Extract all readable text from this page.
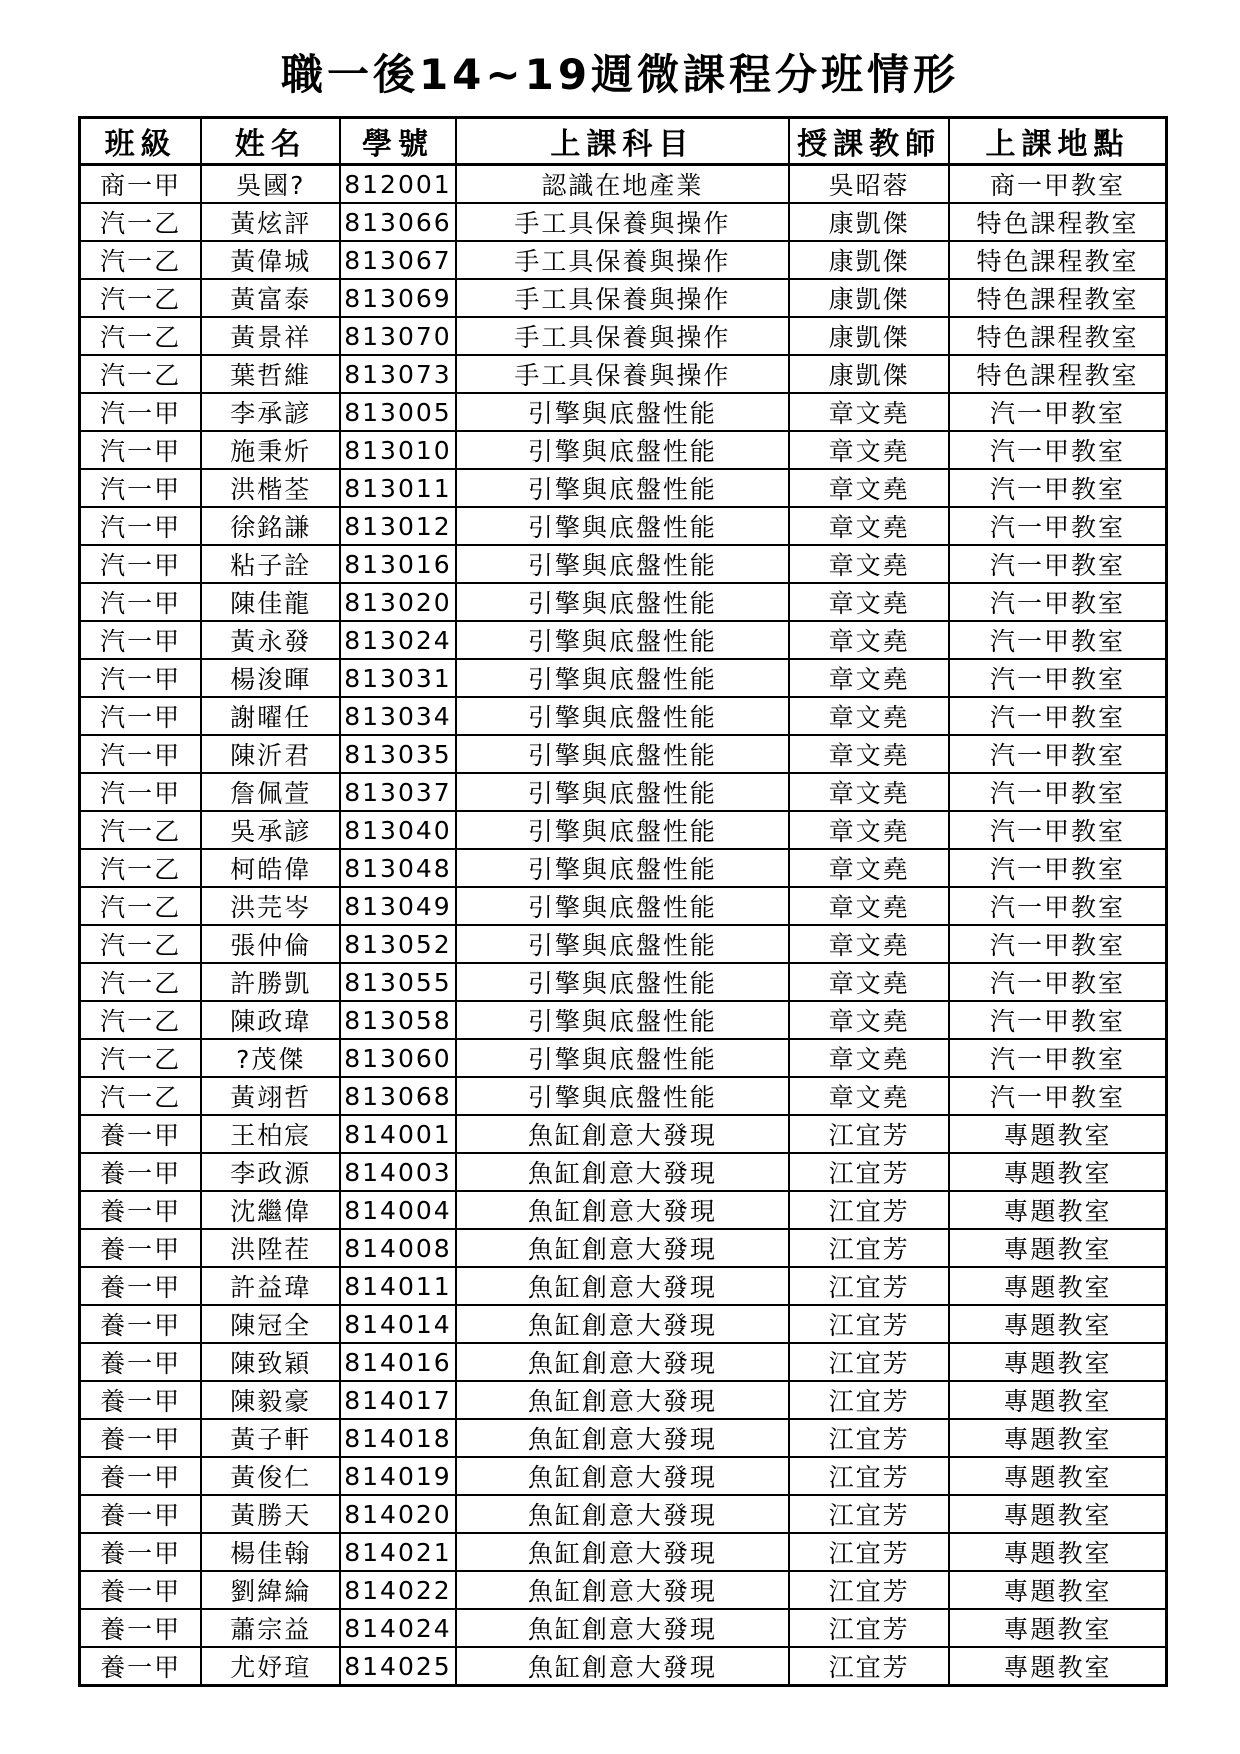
職一後14~19週微課程分班情形
班級	姓名	學號	上課科目	授課教師	上課地點
商一甲	吳國?	812001	認識在地產業	吳昭蓉	商一甲教室
汽一乙	黃炫評	813066	手工具保養與操作	康凱傑	特色課程教室
汽一乙	黃偉城	813067	手工具保養與操作	康凱傑	特色課程教室
汽一乙	黃富泰	813069	手工具保養與操作	康凱傑	特色課程教室
汽一乙	黃景祥	813070	手工具保養與操作	康凱傑	特色課程教室
汽一乙	葉哲維	813073	手工具保養與操作	康凱傑	特色課程教室
汽一甲	李承諺	813005	引擎與底盤性能	章文堯	汽一甲教室
汽一甲	施秉炘	813010	引擎與底盤性能	章文堯	汽一甲教室
汽一甲	洪楷荃	813011	引擎與底盤性能	章文堯	汽一甲教室
汽一甲	徐銘謙	813012	引擎與底盤性能	章文堯	汽一甲教室
汽一甲	粘子詮	813016	引擎與底盤性能	章文堯	汽一甲教室
汽一甲	陳佳龍	813020	引擎與底盤性能	章文堯	汽一甲教室
汽一甲	黃永發	813024	引擎與底盤性能	章文堯	汽一甲教室
汽一甲	楊浚暉	813031	引擎與底盤性能	章文堯	汽一甲教室
汽一甲	謝曜任	813034	引擎與底盤性能	章文堯	汽一甲教室
汽一甲	陳沂君	813035	引擎與底盤性能	章文堯	汽一甲教室
汽一甲	詹佩萱	813037	引擎與底盤性能	章文堯	汽一甲教室
汽一乙	吳承諺	813040	引擎與底盤性能	章文堯	汽一甲教室
汽一乙	柯皓偉	813048	引擎與底盤性能	章文堯	汽一甲教室
汽一乙	洪芫岑	813049	引擎與底盤性能	章文堯	汽一甲教室
汽一乙	張仲倫	813052	引擎與底盤性能	章文堯	汽一甲教室
汽一乙	許勝凱	813055	引擎與底盤性能	章文堯	汽一甲教室
汽一乙	陳政瑋	813058	引擎與底盤性能	章文堯	汽一甲教室
汽一乙	?茂傑	813060	引擎與底盤性能	章文堯	汽一甲教室
汽一乙	黃翊哲	813068	引擎與底盤性能	章文堯	汽一甲教室
養一甲	王柏宸	814001	魚缸創意大發現	江宜芳	專題教室
養一甲	李政源	814003	魚缸創意大發現	江宜芳	專題教室
養一甲	沈繼偉	814004	魚缸創意大發現	江宜芳	專題教室
養一甲	洪陞茬	814008	魚缸創意大發現	江宜芳	專題教室
養一甲	許益瑋	814011	魚缸創意大發現	江宜芳	專題教室
養一甲	陳冠全	814014	魚缸創意大發現	江宜芳	專題教室
養一甲	陳致穎	814016	魚缸創意大發現	江宜芳	專題教室
養一甲	陳毅豪	814017	魚缸創意大發現	江宜芳	專題教室
養一甲	黃子軒	814018	魚缸創意大發現	江宜芳	專題教室
養一甲	黃俊仁	814019	魚缸創意大發現	江宜芳	專題教室
養一甲	黃勝天	814020	魚缸創意大發現	江宜芳	專題教室
養一甲	楊佳翰	814021	魚缸創意大發現	江宜芳	專題教室
養一甲	劉緯綸	814022	魚缸創意大發現	江宜芳	專題教室
養一甲	蕭宗益	814024	魚缸創意大發現	江宜芳	專題教室
養一甲	尤妤瑄	814025	魚缸創意大發現	江宜芳	專題教室
